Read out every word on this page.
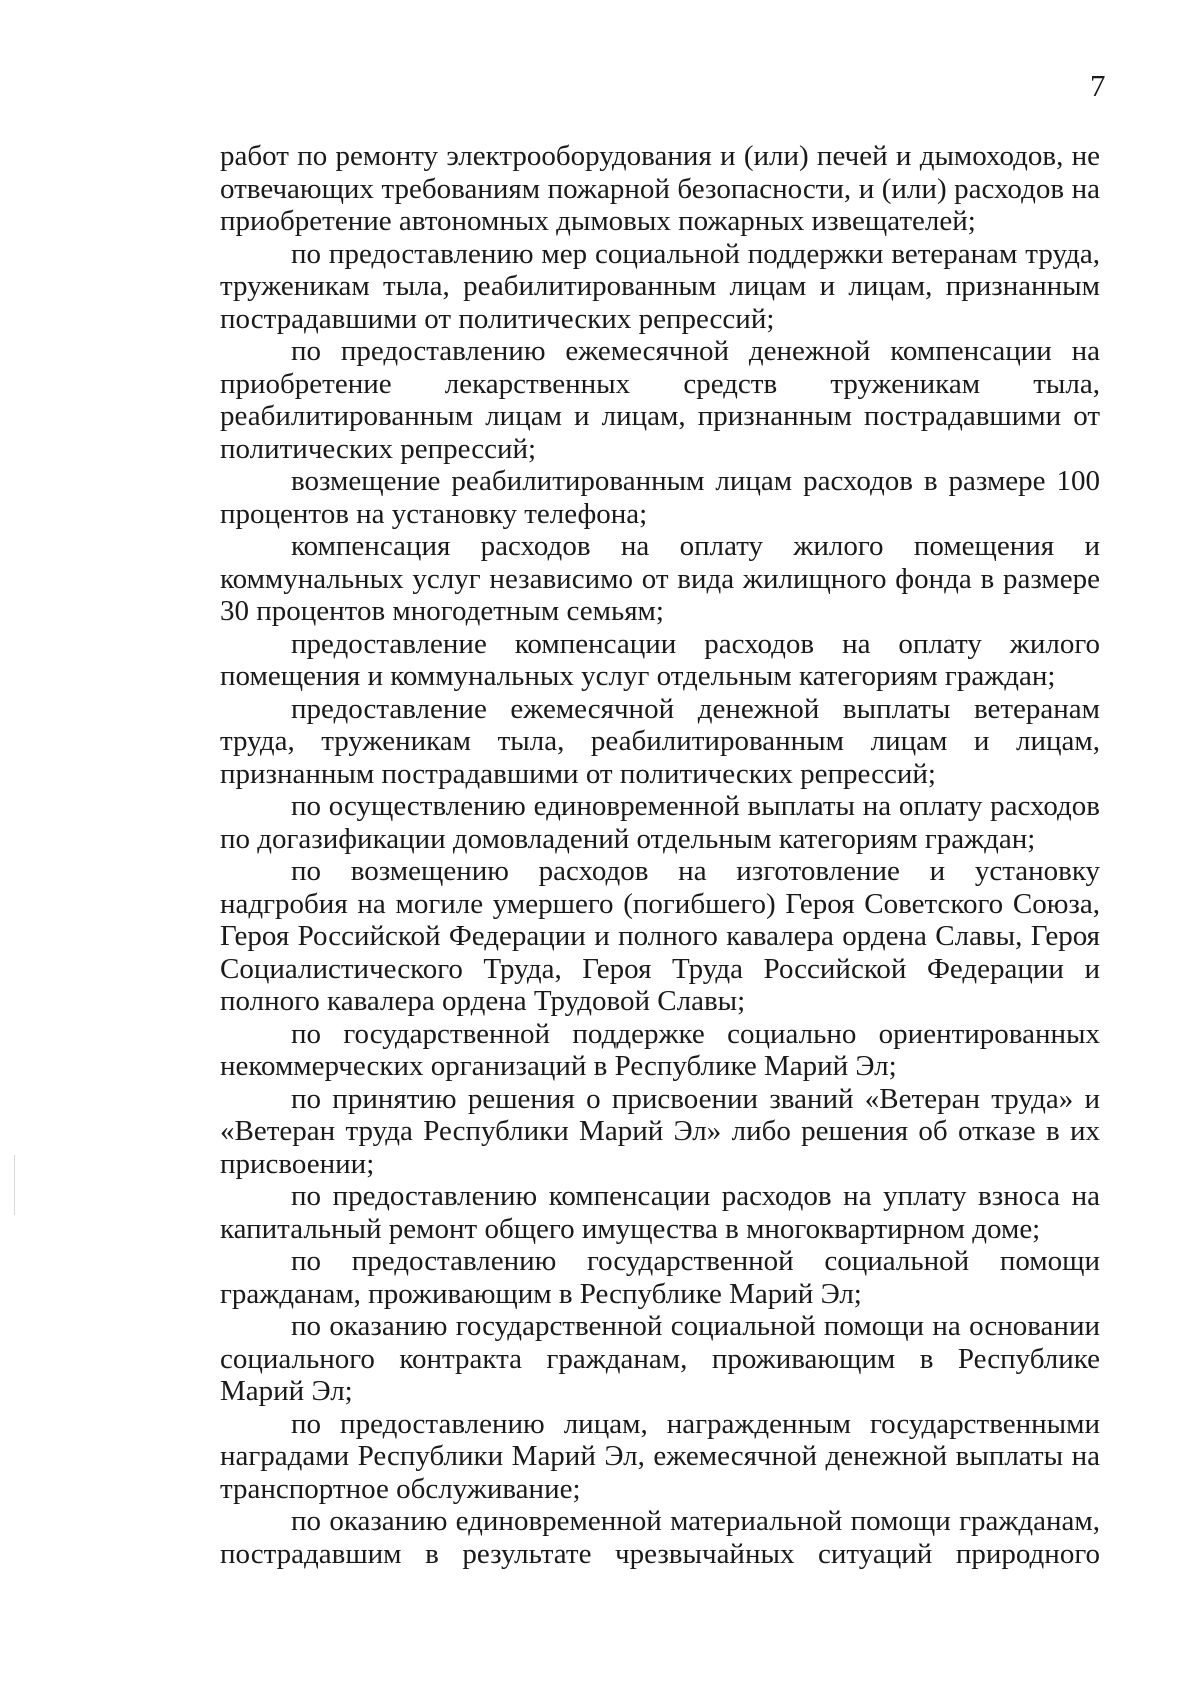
7

работ по ремонту электрооборудования и (или) печей и дымоходов, не отвечающих требованиям пожарной безопасности, и (или) расходов на приобретение автономных дымовых пожарных извещателей;

по предоставлению мер социальной поддержки ветеранам труда, труженикам тыла, реабилитированным лицам и лицам, признанным пострадавшими от политических репрессий;

по предоставлению ежемесячной денежной компенсации на приобретение лекарственных средств труженикам тыла, реабилитированным лицам и лицам, признанным пострадавшими от политических репрессий;

возмещение реабилитированным лицам расходов в размере 100 процентов на установку телефона;

компенсация расходов на оплату жилого помещения и коммунальных услуг независимо от вида жилищного фонда в размере 30 процентов многодетным семьям;

предоставление компенсации расходов на оплату жилого помещения и коммунальных услуг отдельным категориям граждан;

предоставление ежемесячной денежной выплаты ветеранам труда, труженикам тыла, реабилитированным лицам и лицам, признанным пострадавшими от политических репрессий;

по осуществлению единовременной выплаты на оплату расходов по догазификации домовладений отдельным категориям граждан;

по возмещению расходов на изготовление и установку надгробия на могиле умершего (погибшего) Героя Советского Союза, Героя Российской Федерации и полного кавалера ордена Славы, Героя Социалистического Труда, Героя Труда Российской Федерации и полного кавалера ордена Трудовой Славы;

по государственной поддержке социально ориентированных некоммерческих организаций в Республике Марий Эл;

по принятию решения о присвоении званий «Ветеран труда» и «Ветеран труда Республики Марий Эл» либо решения об отказе в их присвоении;

по предоставлению компенсации расходов на уплату взноса на капитальный ремонт общего имущества в многоквартирном доме;

по предоставлению государственной социальной помощи гражданам, проживающим в Республике Марий Эл;

по оказанию государственной социальной помощи на основании социального контракта гражданам, проживающим в Республике Марий Эл;

по предоставлению лицам, награжденным государственными наградами Республики Марий Эл, ежемесячной денежной выплаты на транспортное обслуживание;

по оказанию единовременной материальной помощи гражданам, пострадавшим в результате чрезвычайных ситуаций природного
